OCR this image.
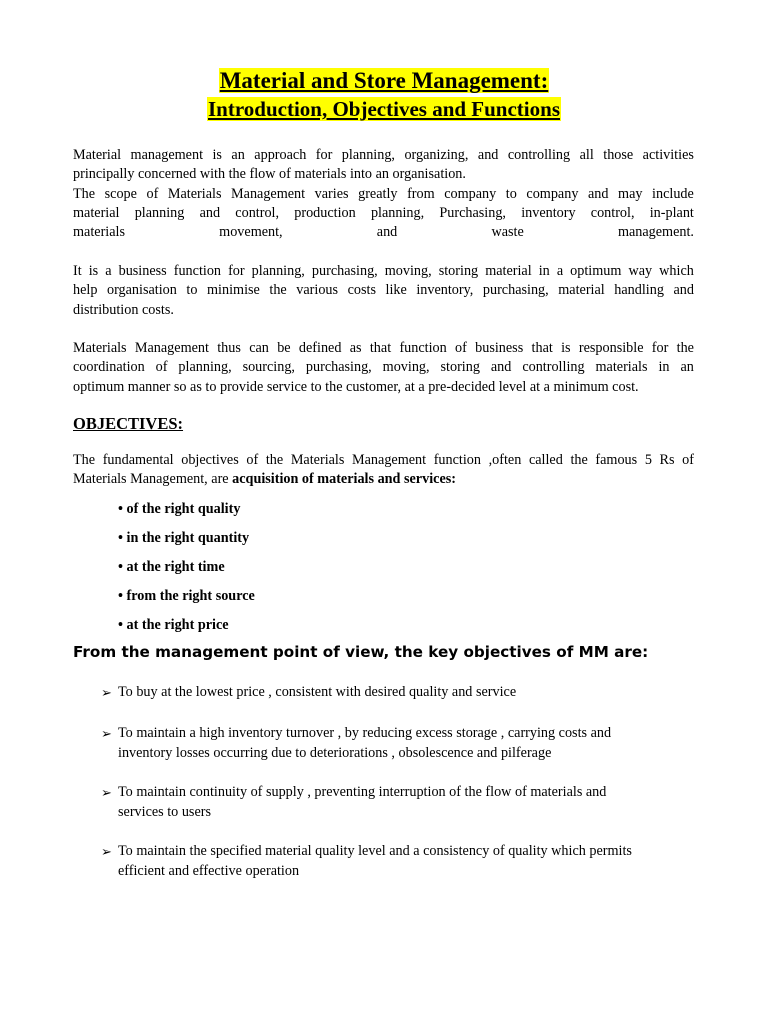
Material and Store Management:
Introduction, Objectives and Functions

Material management is an approach for planning, organizing, and controlling all those activities
principally concerned with the flow of materials into an organisation.
The scope of Materials Management varies greatly from company to company and may include
material planning and control, production planning, Purchasing, inventory control, in-plant
materials	movement,	and	waste	management.

It is a business function for planning, purchasing, moving, storing material in a optimum way which
help organisation to minimise the various costs like inventory, purchasing, material handling and
distribution costs.

Materials Management thus can be defined as that function of business that is responsible for the
coordination of planning, sourcing, purchasing, moving, storing and controlling materials in an
optimum manner so as to provide service to the customer, at a pre-decided level at a minimum cost.

OBJECTIVES:

The fundamental objectives of the Materials Management function ,often called the famous 5 Rs of
Materials Management, are acquisition of materials and services:

• of the right quality
• in the right quantity
• at the right time
• from the right source
• at the right price
From the management point of view, the key objectives of MM are:
➢ To buy at the lowest price , consistent with desired quality and service
➢ To maintain a high inventory turnover , by reducing excess storage , carrying costs and
inventory losses occurring due to deteriorations , obsolescence and pilferage
➢ To maintain continuity of supply , preventing interruption of the flow of materials and
services to users
➢ To maintain the specified material quality level and a consistency of quality which permits
efficient and effective operation
